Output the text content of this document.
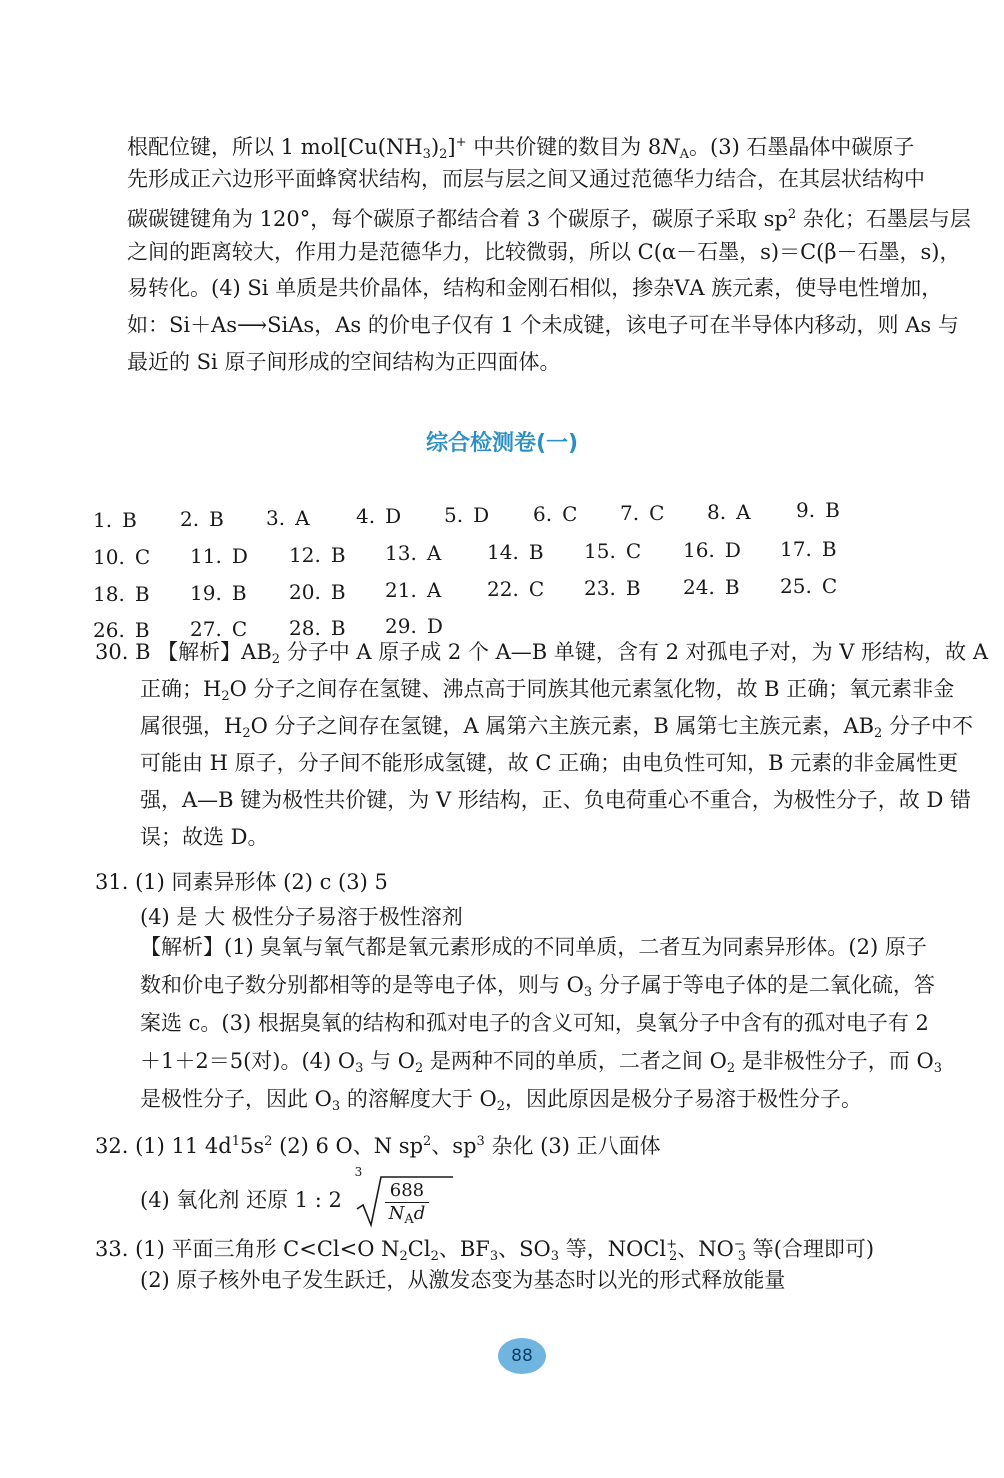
根配位键，所以 1 $mol[Cu(NH_3)_2]^+$ 中共价键的数目为 $8N_A$。(3) 石墨晶体中碳原子
先形成正六边形平面蜂窝状结构，而层与层之间又通过范德华力结合，在其层状结构中
碳碳键键角为 120°，每个碳原子都结合着 3 个碳原子，碳原子采取 $sp^2$ 杂化；石墨层与层
之间的距离较大，作用力是范德华力，比较微弱，所以 C(α－石墨，s)＝C(β－石墨，s)，
易转化。(4) Si 单质是共价晶体，结构和金刚石相似，掺杂ⅤA 族元素，使导电性增加，
如：Si＋As⟶SiAs，As 的价电子仅有 1 个未成键，该电子可在半导体内移动，则 As 与
最近的 Si 原子间形成的空间结构为正四面体。
综合检测卷(一)
1. B 2. B 3. A 4. D 5. D 6. C 7. C 8. A 9. B
10. C 11. D 12. B 13. A 14. B 15. C 16. D 17. B
18. B 19. B 20. B 21. A 22. C 23. B 24. B 25. C
26. B 27. C 28. B 29. D
30. B 【解析】$AB_2$ 分子中 A 原子成 2 个 A—B 单键，含有 2 对孤电子对，为 V 形结构，故 A
正确；$H_2O$ 分子之间存在氢键、沸点高于同族其他元素氢化物，故 B 正确；氧元素非金
属很强，$H_2O$ 分子之间存在氢键，A 属第六主族元素，B 属第七主族元素，$AB_2$ 分子中不
可能由 H 原子，分子间不能形成氢键，故 C 正确；由电负性可知，B 元素的非金属性更
强，A—B 键为极性共价键，为 V 形结构，正、负电荷重心不重合，为极性分子，故 D 错
误；故选 D。
31. (1) 同素异形体 (2) c (3) 5
(4) 是 大 极性分子易溶于极性溶剂
【解析】(1) 臭氧与氧气都是氧元素形成的不同单质，二者互为同素异形体。(2) 原子
数和价电子数分别都相等的是等电子体，则与 $O_3$ 分子属于等电子体的是二氧化硫，答
案选 c。(3) 根据臭氧的结构和孤对电子的含义可知，臭氧分子中含有的孤对电子有 2
＋1＋2＝5(对)。(4) $O_3$ 与 $O_2$ 是两种不同的单质，二者之间 $O_2$ 是非极性分子，而 $O_3$
是极性分子，因此 $O_3$ 的溶解度大于 $O_2$，因此原因是极分子易溶于极性分子。
32. (1) 11 $4d^15s^2$ (2) 6 O、N $sp^2$、$sp^3$ 杂化 (3) 正八面体
(4) 氧化剂 还原 1 : 2
3
$\frac{688}{N_Ad}$
33. (1) 平面三角形 C<Cl<O $N_2Cl_2$、$BF_3$、$SO_3$ 等，NOCl+$_2$、$NO^-_3$ 等(合理即可)
(2) 原子核外电子发生跃迁，从激发态变为基态时以光的形式释放能量
88
